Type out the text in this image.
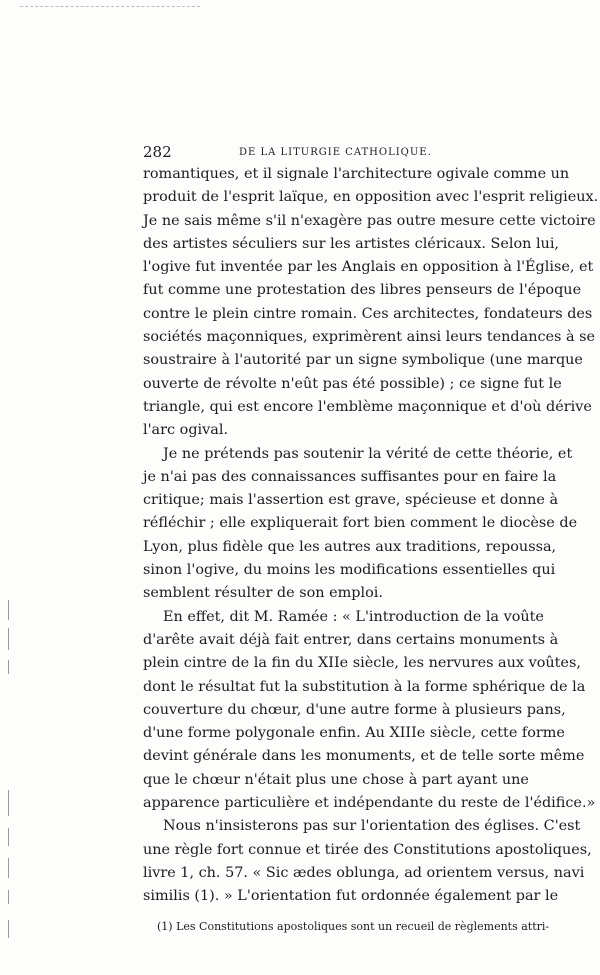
282	DE LA LITURGIE CATHOLIQUE.
romantiques, et il signale l'architecture ogivale comme un
produit de l'esprit laïque, en opposition avec l'esprit religieux.
Je ne sais même s'il n'exagère pas outre mesure cette victoire
des artistes séculiers sur les artistes cléricaux. Selon lui,
l'ogive fut inventée par les Anglais en opposition à l'Église, et
fut comme une protestation des libres penseurs de l'époque
contre le plein cintre romain. Ces architectes, fondateurs des
sociétés maçonniques, exprimèrent ainsi leurs tendances à se
soustraire à l'autorité par un signe symbolique (une marque
ouverte de révolte n'eût pas été possible) ; ce signe fut le
triangle, qui est encore l'emblème maçonnique et d'où dérive
l'arc ogival.
Je ne prétends pas soutenir la vérité de cette théorie, et
je n'ai pas des connaissances suffisantes pour en faire la
critique; mais l'assertion est grave, spécieuse et donne à
réfléchir ; elle expliquerait fort bien comment le diocèse de
Lyon, plus fidèle que les autres aux traditions, repoussa,
sinon l'ogive, du moins les modifications essentielles qui
semblent résulter de son emploi.
En effet, dit M. Ramée : « L'introduction de la voûte
d'arête avait déjà fait entrer, dans certains monuments à
plein cintre de la fin du XIIe siècle, les nervures aux voûtes,
dont le résultat fut la substitution à la forme sphérique de la
couverture du chœur, d'une autre forme à plusieurs pans,
d'une forme polygonale enfin. Au XIIIe siècle, cette forme
devint générale dans les monuments, et de telle sorte même
que le chœur n'était plus une chose à part ayant une
apparence particulière et indépendante du reste de l'édifice.»
Nous n'insisterons pas sur l'orientation des églises. C'est
une règle fort connue et tirée des Constitutions apostoliques,
livre 1, ch. 57. « Sic ædes oblunga, ad orientem versus, navi
similis (1). » L'orientation fut ordonnée également par le
(1) Les Constitutions apostoliques sont un recueil de règlements attri-
